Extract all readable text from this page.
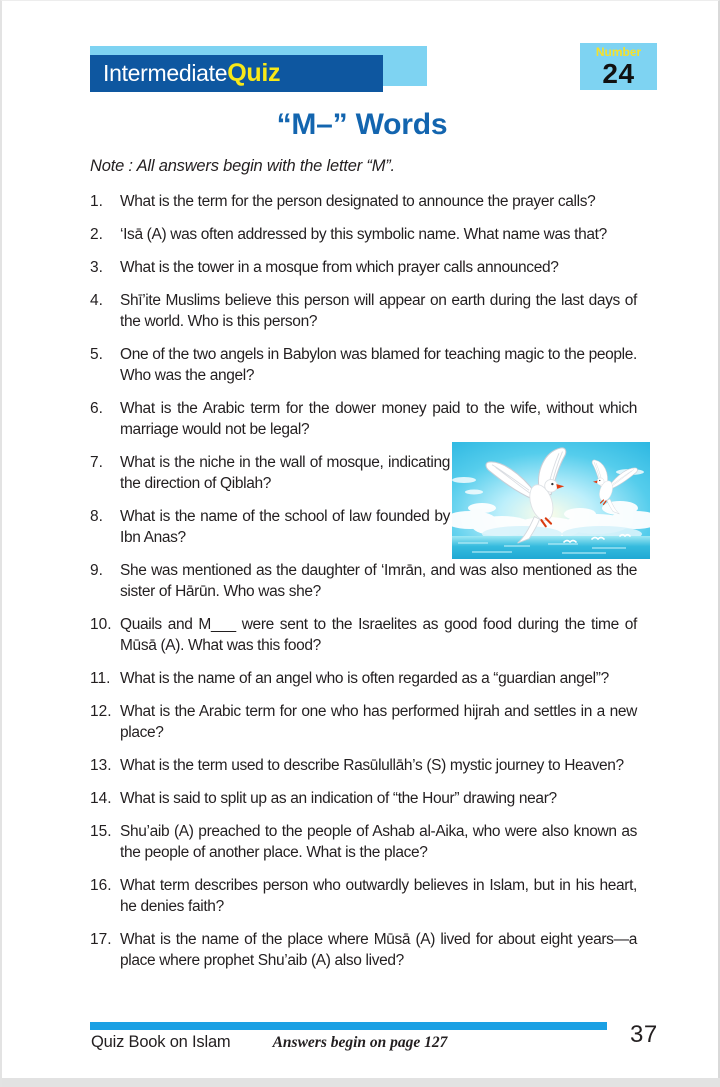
Intermediate Quiz
Number
24
“M–” Words

Note : All answers begin with the letter “M”.

1. What is the term for the person designated to announce the prayer calls?
2. ‘Isā (A) was often addressed by this symbolic name. What name was that?
3. What is the tower in a mosque from which prayer calls announced?
4. Shī’ite Muslims believe this person will appear on earth during the last days of the world. Who is this person?
5. One of the two angels in Babylon was blamed for teaching magic to the people. Who was the angel?
6. What is the Arabic term for the dower money paid to the wife, without which marriage would not be legal?
7. What is the niche in the wall of mosque, indicating the direction of Qiblah?
8. What is the name of the school of law founded by Ibn Anas?
9. She was mentioned as the daughter of ‘Imrān, and was also mentioned as the sister of Hārūn. Who was she?
10. Quails and M___ were sent to the Israelites as good food during the time of Mūsā (A). What was this food?
11. What is the name of an angel who is often regarded as a “guardian angel”?
12. What is the Arabic term for one who has performed hijrah and settles in a new place?
13. What is the term used to describe Rasūlullāh’s (S) mystic journey to Heaven?
14. What is said to split up as an indication of “the Hour” drawing near?
15. Shu’aib (A) preached to the people of Ashab al-Aika, who were also known as the people of another place. What is the place?
16. What term describes person who outwardly believes in Islam, but in his heart, he denies faith?
17. What is the name of the place where Mūsā (A) lived for about eight years—a place where prophet Shu’aib (A) also lived?
Quiz Book on Islam	Answers begin on page 127	37
